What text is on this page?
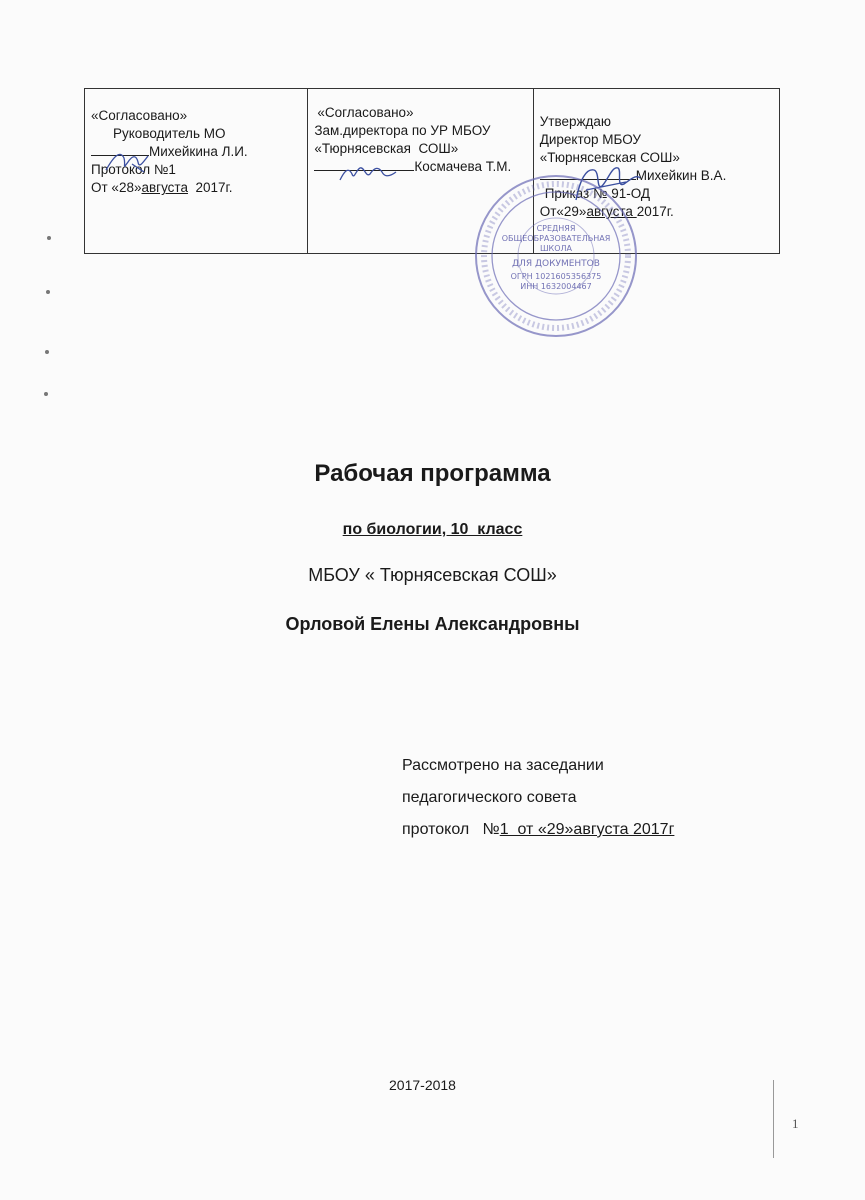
«Согласовано»
Руководитель МО
Михейкина Л.И.
Протокол №1
От «28»августа  2017г.
«Согласовано»
Зам.директора по УР МБОУ
«Тюрнясевская  СОШ»
Космачева Т.М.
Утверждаю
Директор МБОУ
«Тюрнясевская СОШ»
Михейкин В.А.
Приказ № 91-ОД
От«29»августа 2017г.
СРЕДНЯЯ
ОБЩЕОБРАЗОВАТЕЛЬНАЯ
ШКОЛА
ДЛЯ ДОКУМЕНТОВ
ОГРН 1021605356375
ИНН 1632004467
Рабочая программа
по биологии, 10  класс
МБОУ « Тюрнясевская СОШ»
Орловой Елены Александровны
Рассмотрено на заседании
педагогического совета
протокол   №1  от «29»августа 2017г
2017-2018
1
